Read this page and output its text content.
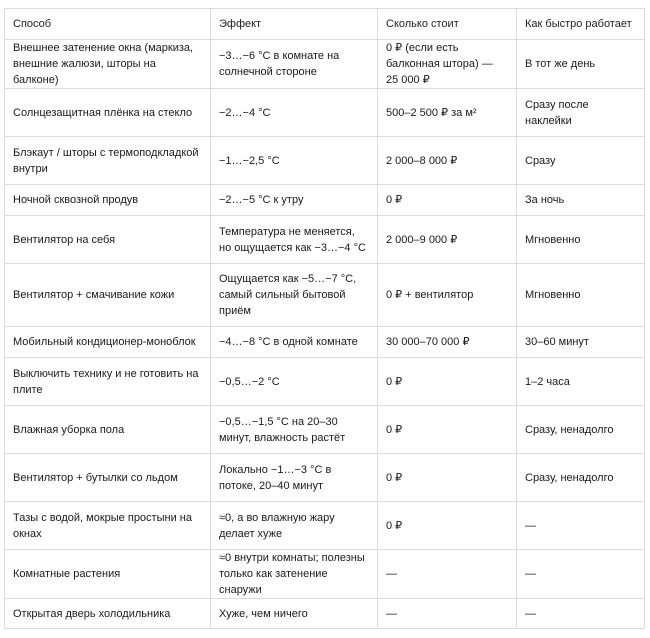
Способ	Эффект	Сколько стоит	Как быстро работает
Внешнее затенение окна (маркиза, внешние жалюзи, шторы на балконе)	−3…−6 °C в комнате на солнечной стороне	0 ₽ (если есть балконная штора) — 25 000 ₽	В тот же день
Солнцезащитная плёнка на стекло	−2…−4 °C	500–2 500 ₽ за м²	Сразу после наклейки
Блэкаут / шторы с термоподкладкой внутри	−1…−2,5 °C	2 000–8 000 ₽	Сразу
Ночной сквозной продув	−2…−5 °C к утру	0 ₽	За ночь
Вентилятор на себя	Температура не меняется, но ощущается как −3…−4 °C	2 000–9 000 ₽	Мгновенно
Вентилятор + смачивание кожи	Ощущается как −5…−7 °C, самый сильный бытовой приём	0 ₽ + вентилятор	Мгновенно
Мобильный кондиционер-моноблок	−4…−8 °C в одной комнате	30 000–70 000 ₽	30–60 минут
Выключить технику и не готовить на плите	−0,5…−2 °C	0 ₽	1–2 часа
Влажная уборка пола	−0,5…−1,5 °C на 20–30 минут, влажность растёт	0 ₽	Сразу, ненадолго
Вентилятор + бутылки со льдом	Локально −1…−3 °C в потоке, 20–40 минут	0 ₽	Сразу, ненадолго
Тазы с водой, мокрые простыни на окнах	≈0, а во влажную жару делает хуже	0 ₽	—
Комнатные растения	≈0 внутри комнаты; полезны только как затенение снаружи	—	—
Открытая дверь холодильника	Хуже, чем ничего	—	—
